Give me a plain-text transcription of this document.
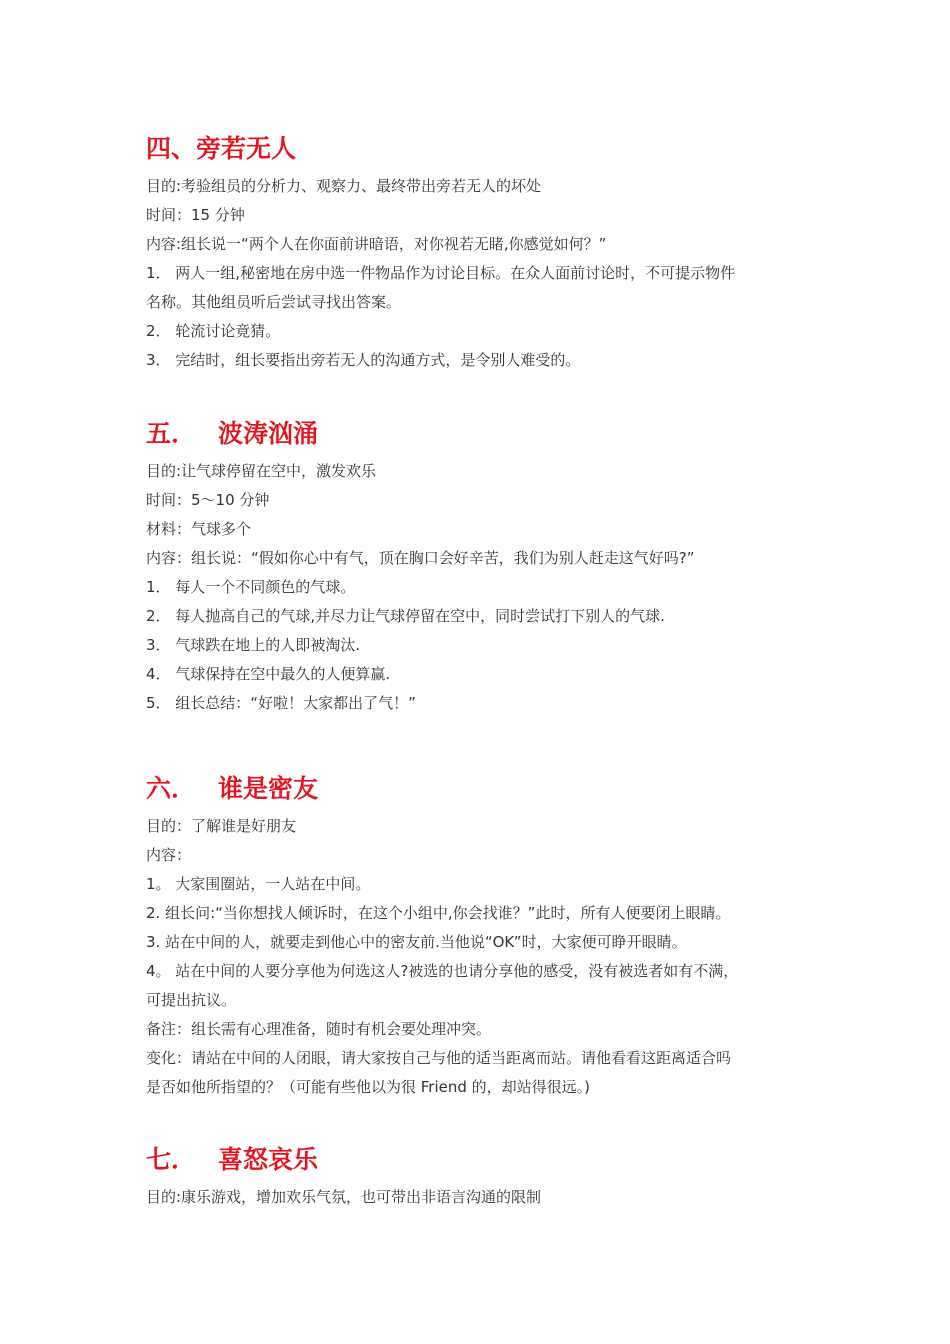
四、旁若无人

目的:考验组员的分析力、观察力、最终带出旁若无人的坏处

时间：15 分钟

内容:组长说一“两个人在你面前讲暗语，对你视若无睹,你感觉如何？”

1． 两人一组,秘密地在房中选一件物品作为讨论目标。在众人面前讨论时，不可提示物件

名称。其他组员听后尝试寻找出答案。

2． 轮流讨论竟猜。

3． 完结时，组长要指出旁若无人的沟通方式，是令别人难受的。

五． 波涛汹涌

目的:让气球停留在空中，激发欢乐

时间：5～10 分钟

材料：气球多个

内容：组长说：“假如你心中有气，顶在胸口会好辛苦，我们为别人赶走这气好吗?”

1． 每人一个不同颜色的气球。

2． 每人抛高自己的气球,并尽力让气球停留在空中，同时尝试打下别人的气球.

3． 气球跌在地上的人即被淘汰.

4． 气球保持在空中最久的人便算赢.

5． 组长总结：“好啦！大家都出了气！”

六． 谁是密友

目的：了解谁是好朋友

内容：

1。 大家围圈站，一人站在中间。

2. 组长问:“当你想找人倾诉时，在这个小组中,你会找谁？”此时，所有人便要闭上眼睛。

3. 站在中间的人，就要走到他心中的密友前.当他说“OK”时，大家便可睁开眼睛。

4。 站在中间的人要分享他为何选这人?被选的也请分享他的感受，没有被选者如有不满，

可提出抗议。

备注：组长需有心理准备，随时有机会要处理冲突。

变化：请站在中间的人闭眼，请大家按自己与他的适当距离而站。请他看看这距离适合吗

是否如他所指望的？（可能有些他以为很 Friend 的，却站得很远。)

七． 喜怒哀乐

目的:康乐游戏，增加欢乐气氛，也可带出非语言沟通的限制
